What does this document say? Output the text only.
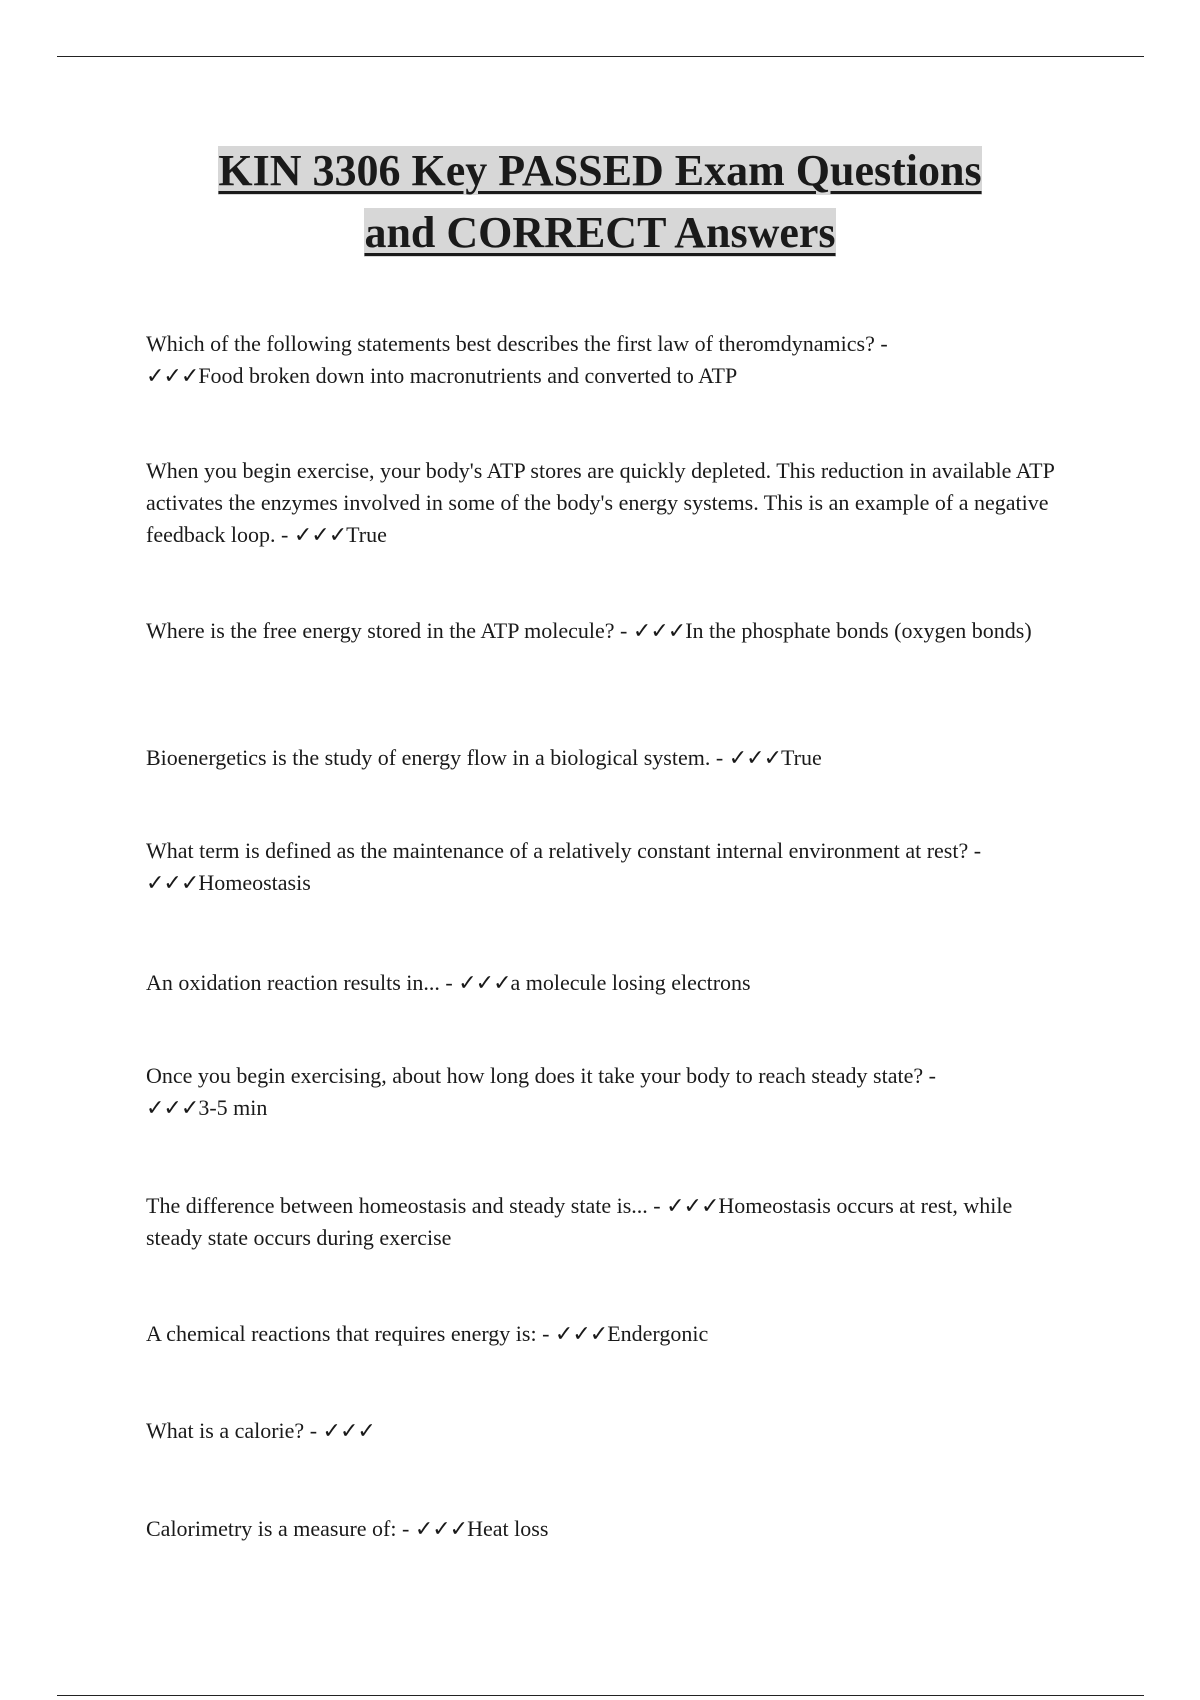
KIN 3306 Key PASSED Exam Questions
and CORRECT Answers

Which of the following statements best describes the first law of theromdynamics? -
✓✓✓Food broken down into macronutrients and converted to ATP

When you begin exercise, your body's ATP stores are quickly depleted. This reduction in available ATP activates the enzymes involved in some of the body's energy systems. This is an example of a negative feedback loop. - ✓✓✓True

Where is the free energy stored in the ATP molecule? - ✓✓✓In the phosphate bonds (oxygen bonds)

Bioenergetics is the study of energy flow in a biological system. - ✓✓✓True

What term is defined as the maintenance of a relatively constant internal environment at rest? - ✓✓✓Homeostasis

An oxidation reaction results in... - ✓✓✓a molecule losing electrons

Once you begin exercising, about how long does it take your body to reach steady state? -
✓✓✓3-5 min

The difference between homeostasis and steady state is... - ✓✓✓Homeostasis occurs at rest, while steady state occurs during exercise

A chemical reactions that requires energy is: - ✓✓✓Endergonic

What is a calorie? - ✓✓✓

Calorimetry is a measure of: - ✓✓✓Heat loss
